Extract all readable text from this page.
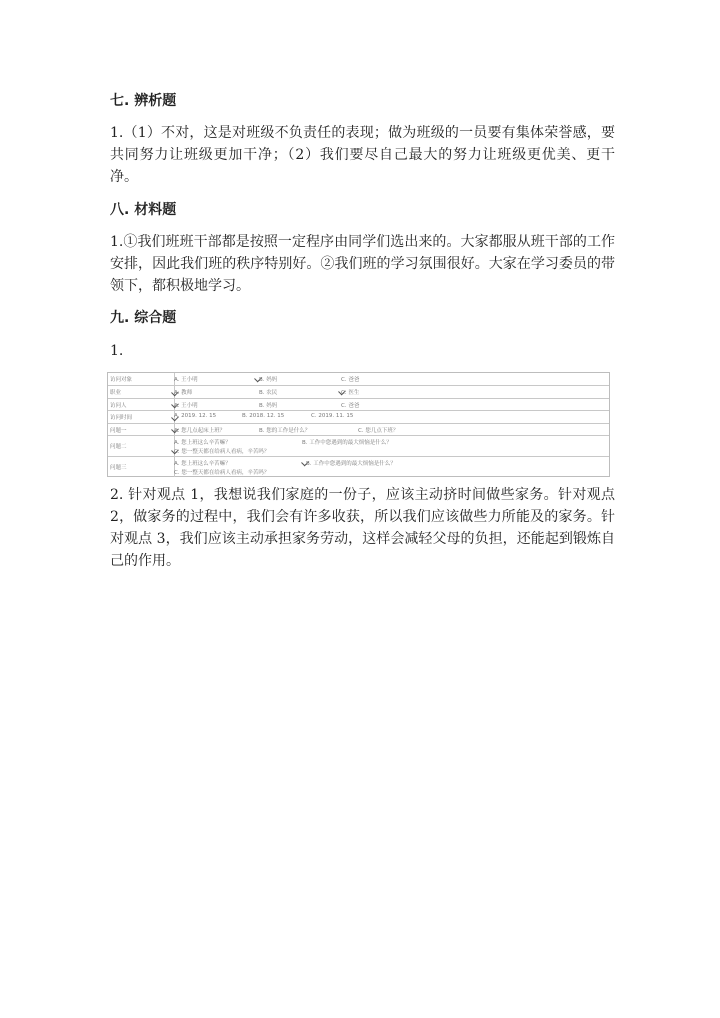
七. 辨析题
1.（1）不对，这是对班级不负责任的表现；做为班级的一员要有集体荣誉感，要共同努力让班级更加干净；（2）我们要尽自己最大的努力让班级更优美、更干净。
八. 材料题
1.①我们班班干部都是按照一定程序由同学们选出来的。大家都服从班干部的工作安排，因此我们班的秩序特别好。②我们班的学习氛围很好。大家在学习委员的带领下，都积极地学习。
九. 综合题
1.
访问对象	A. 王小明	B. 妈妈	C. 爸爸
职业	A. 教师	B. 农民	C. 医生
访问人	A. 王小明	B. 妈妈	C. 爸爸
访问时间	A. 2019. 12. 15	B. 2018. 12. 15	C. 2019. 11. 15
问题一	A. 您几点起床上班？	B. 您的工作是什么？	C. 您几点下班？
问题二
A. 您上班这么辛苦嘛？	B. 工作中您遇到的最大烦恼是什么？
C. 您一整天都在给病人看病，辛苦吗？
问题三
A. 您上班这么辛苦嘛？	B. 工作中您遇到的最大烦恼是什么？
C. 您一整天都在给病人看病，辛苦吗？
2. 针对观点 1，我想说我们家庭的一份子，应该主动挤时间做些家务。针对观点 2，做家务的过程中，我们会有许多收获，所以我们应该做些力所能及的家务。针对观点 3，我们应该主动承担家务劳动，这样会减轻父母的负担，还能起到锻炼自己的作用。
